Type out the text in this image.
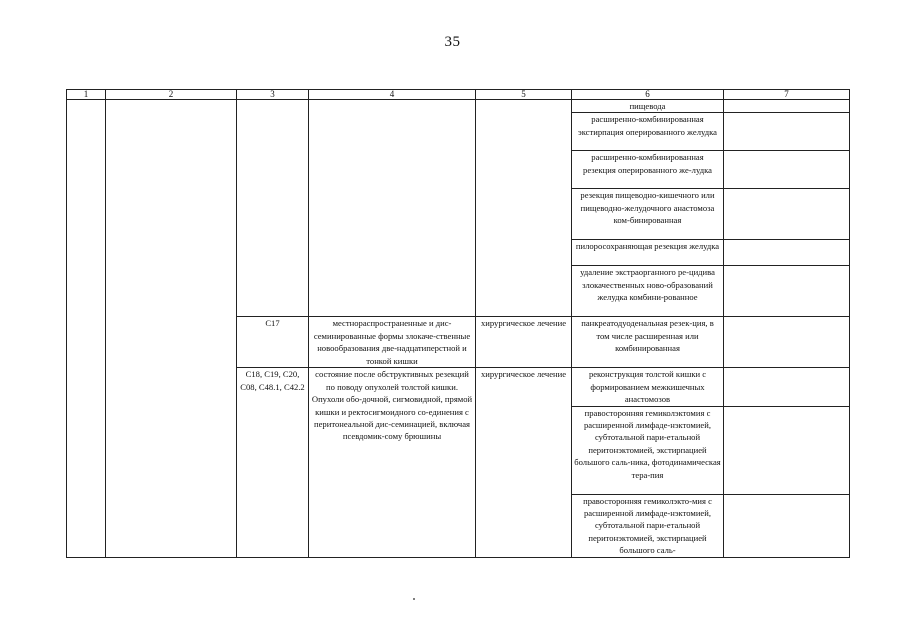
35
1	2	3	4	5	6	7
					пищевода	
					расширенно-комбинированная экстирпация оперированного желудка	
					расширенно-комбинированная резекция оперированного же-лудка	
					резекция пищеводно-кишечного или пищеводно-желудочного анастомоза ком-бинированная	
					пилоросохраняющая резекция желудка	
					удаление экстраорганного ре-цидива злокачественных ново-образований желудка комбини-рованное	
		C17	местнораспространенные и дис-семинированные формы злокаче-ственные новообразования две-надцатиперстной и тонкой кишки	хирургическое лечение	панкреатодуоденальная резек-ция, в том числе расширенная или комбинированная	
		C18, C19, C20, C08, C48.1, C42.2	состояние после обструктивных резекций по поводу опухолей толстой кишки. Опухоли обо-дочной, сигмовидной, прямой кишки и ректосигмоидного со-единения с перитонеальной дис-семинацией, включая псевдомик-сому брюшины	хирургическое лечение	реконструкция толстой кишки с формированием межкишечных анастомозов	
					правосторонняя гемиколэктомия с расширенной лимфаде-нэктомией, субтотальной пари-етальной перитонэктомией, экстирпацией большого саль-ника, фотодинамическая тера-пия	
					правосторонняя гемиколэкто-мия с расширенной лимфаде-нэктомией, субтотальной пари-етальной перитонэктомией, экстирпацией большого саль-	
